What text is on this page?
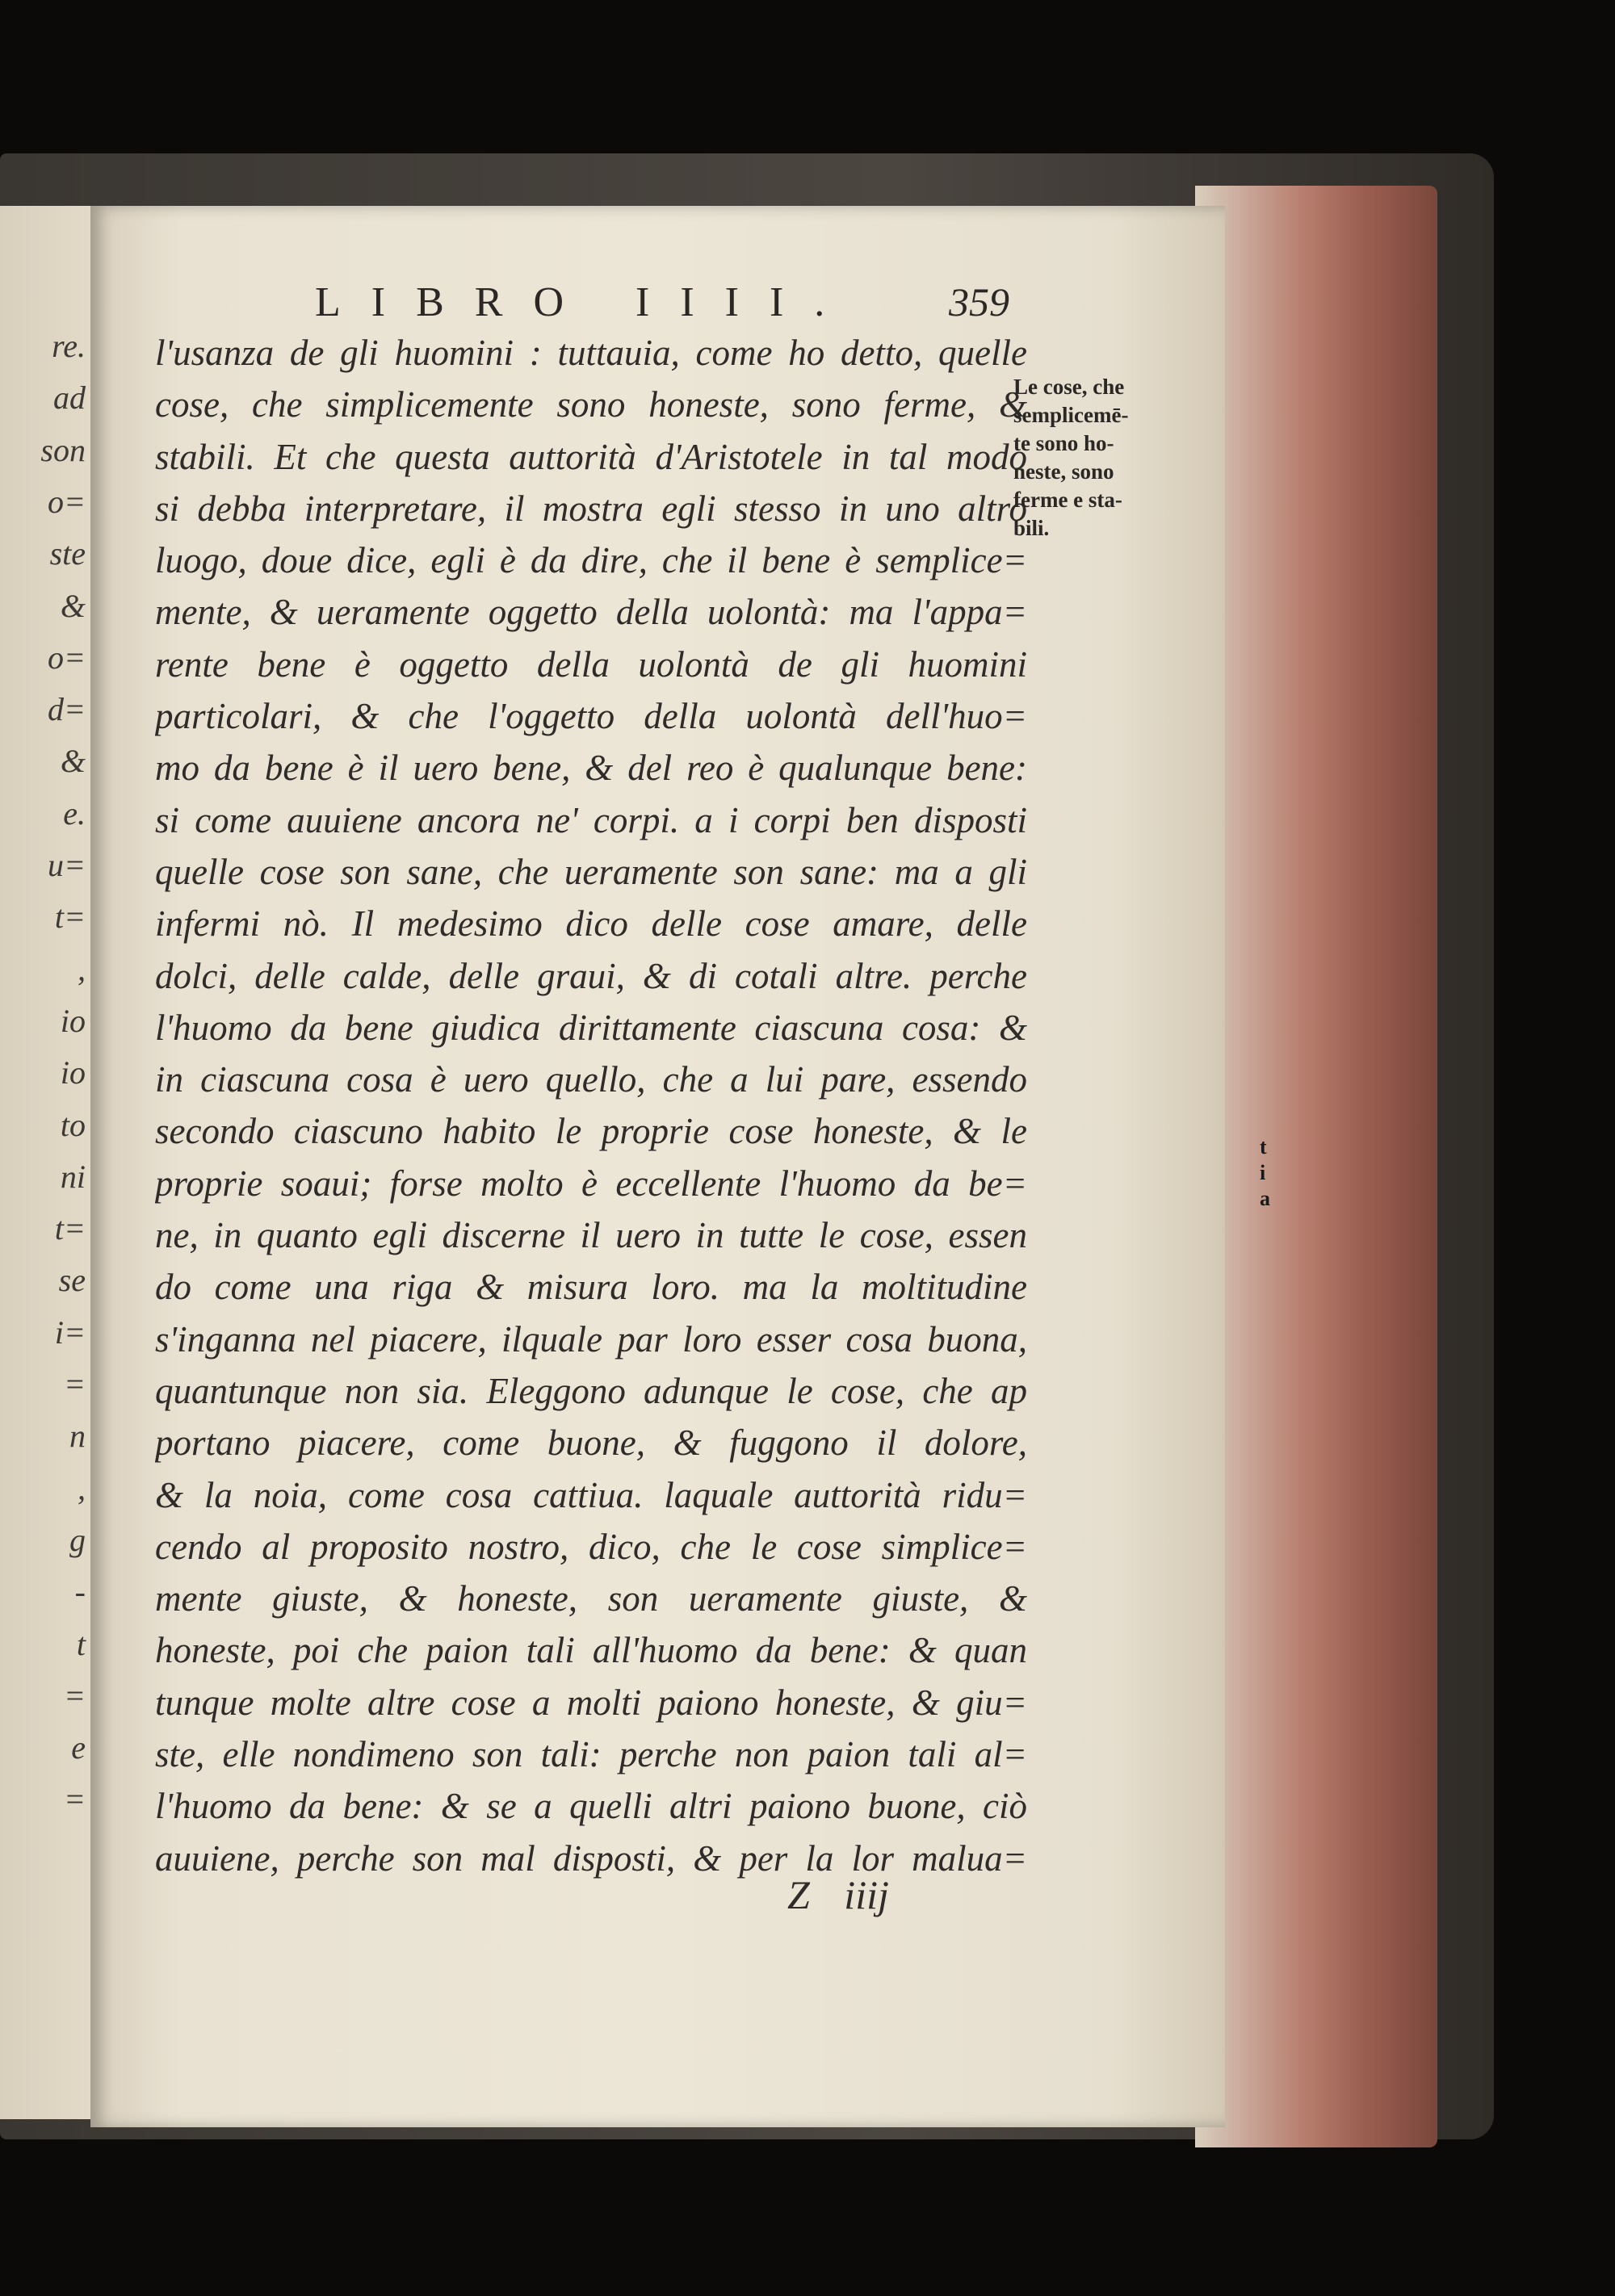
re.
ad
son
o=
ste
&
o=
d=
&
e.
u=
t=
,
io
io
to
ni
t=
se
i=
=
n
,
g
-
t
=
e
=
LIBRO IIII. 359
l'usanza de gli huomini : tuttauia, come ho detto, quelle
cose, che simplicemente sono honeste, sono ferme, &
stabili. Et che questa auttorità d'Aristotele in tal modo
si debba interpretare, il mostra egli stesso in uno altro
luogo, doue dice, egli è da dire, che il bene è semplice=
mente, & ueramente oggetto della uolontà: ma l'appa=
rente bene è oggetto della uolontà de gli huomini
particolari, & che l'oggetto della uolontà dell'huo=
mo da bene è il uero bene, & del reo è qualunque bene:
si come auuiene ancora ne' corpi. a i corpi ben disposti
quelle cose son sane, che ueramente son sane: ma a gli
infermi nò. Il medesimo dico delle cose amare, delle
dolci, delle calde, delle graui, & di cotali altre. perche
l'huomo da bene giudica dirittamente ciascuna cosa: &
in ciascuna cosa è uero quello, che a lui pare, essendo
secondo ciascuno habito le proprie cose honeste, & le
proprie soaui; forse molto è eccellente l'huomo da be=
ne, in quanto egli discerne il uero in tutte le cose, essen
do come una riga & misura loro. ma la moltitudine
s'inganna nel piacere, ilquale par loro esser cosa buona,
quantunque non sia. Eleggono adunque le cose, che ap
portano piacere, come buone, & fuggono il dolore,
& la noia, come cosa cattiua. laquale auttorità ridu=
cendo al proposito nostro, dico, che le cose simplice=
mente giuste, & honeste, son ueramente giuste, &
honeste, poi che paion tali all'huomo da bene: & quan
tunque molte altre cose a molti paiono honeste, & giu=
ste, elle nondimeno son tali: perche non paion tali al=
l'huomo da bene: & se a quelli altri paiono buone, ciò
auuiene, perche son mal disposti, & per la lor malua=
Le cose, che
semplicemē-
te sono ho-
neste, sono
ferme e sta-
bili.
t
i
a
Z iiij
